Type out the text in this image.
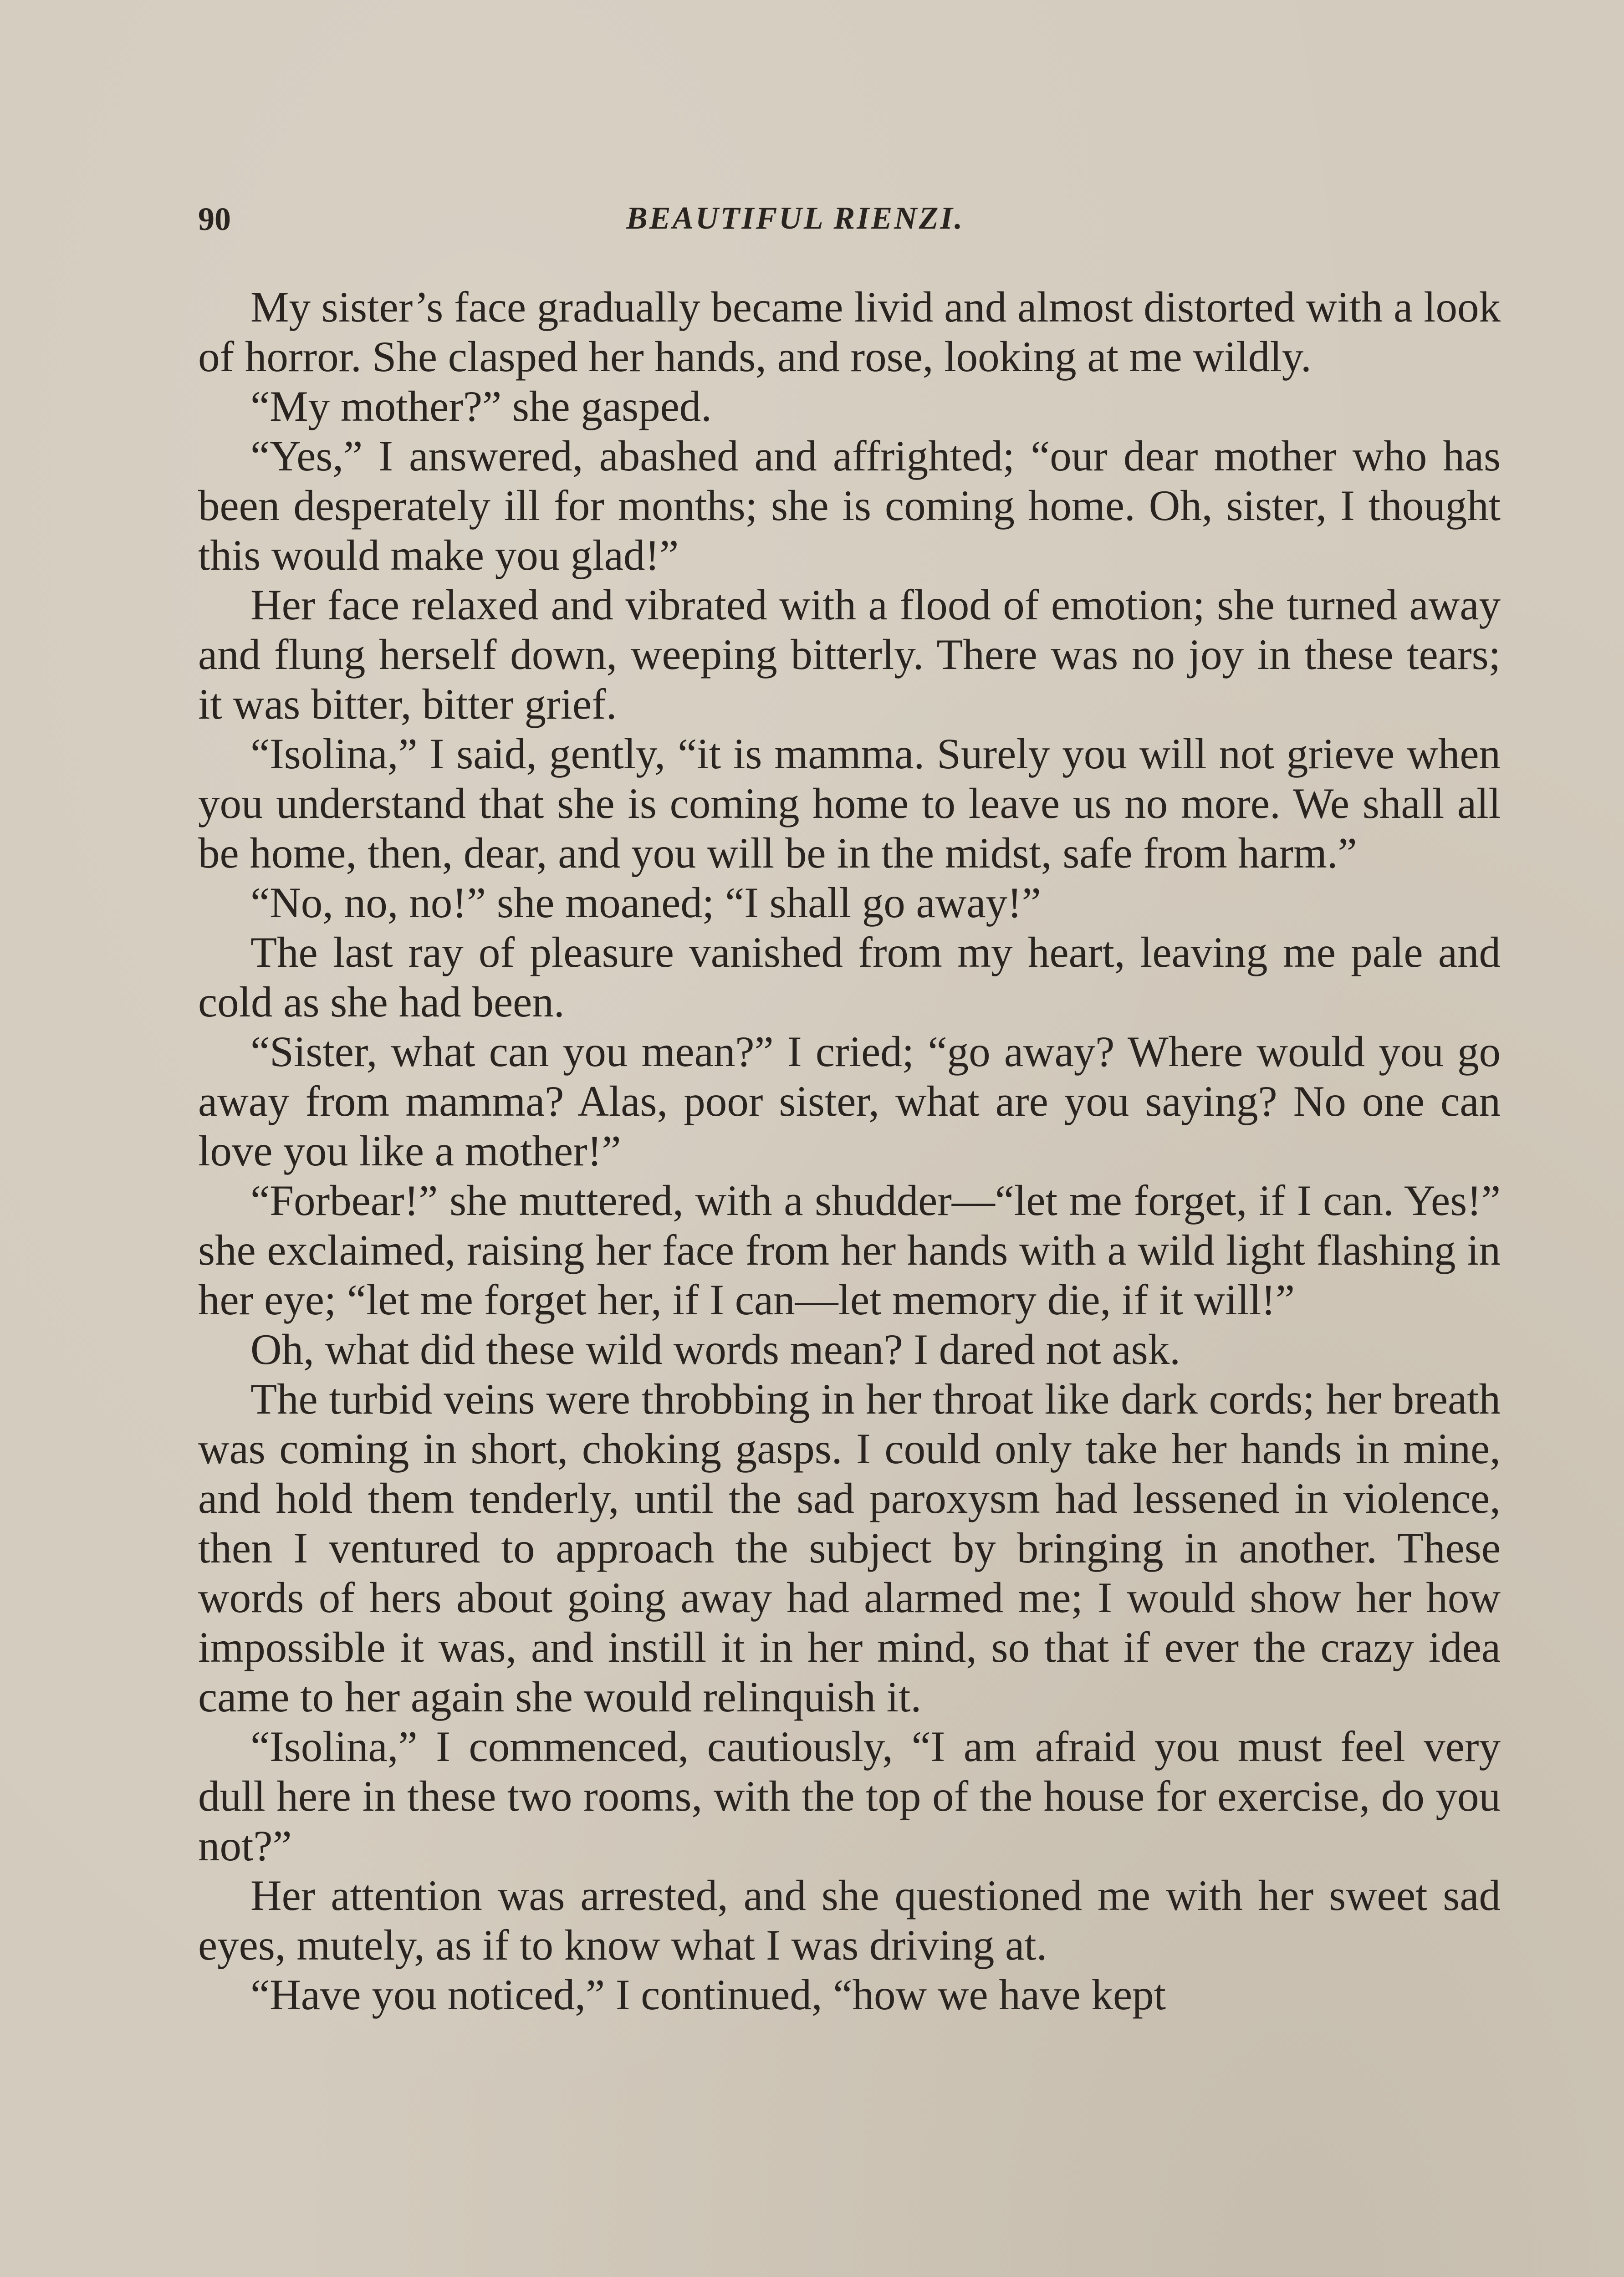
90	BEAUTIFUL RIENZI.

My sister’s face gradually became livid and almost distorted with a look of horror. She clasped her hands, and rose, looking at me wildly.

“My mother?” she gasped.

“Yes,” I answered, abashed and affrighted; “our dear mother who has been desperately ill for months; she is coming home. Oh, sister, I thought this would make you glad!”

Her face relaxed and vibrated with a flood of emotion; she turned away and flung herself down, weeping bitterly. There was no joy in these tears; it was bitter, bitter grief.

“Isolina,” I said, gently, “it is mamma. Surely you will not grieve when you understand that she is coming home to leave us no more. We shall all be home, then, dear, and you will be in the midst, safe from harm.”

“No, no, no!” she moaned; “I shall go away!”

The last ray of pleasure vanished from my heart, leaving me pale and cold as she had been.

“Sister, what can you mean?” I cried; “go away? Where would you go away from mamma? Alas, poor sister, what are you saying? No one can love you like a mother!”

“Forbear!” she muttered, with a shudder—“let me forget, if I can. Yes!” she exclaimed, raising her face from her hands with a wild light flashing in her eye; “let me forget her, if I can—let memory die, if it will!”

Oh, what did these wild words mean? I dared not ask.

The turbid veins were throbbing in her throat like dark cords; her breath was coming in short, choking gasps. I could only take her hands in mine, and hold them tenderly, until the sad paroxysm had lessened in violence, then I ventured to approach the subject by bringing in another. These words of hers about going away had alarmed me; I would show her how impossible it was, and instill it in her mind, so that if ever the crazy idea came to her again she would relinquish it.

“Isolina,” I commenced, cautiously, “I am afraid you must feel very dull here in these two rooms, with the top of the house for exercise, do you not?”

Her attention was arrested, and she questioned me with her sweet sad eyes, mutely, as if to know what I was driving at.

“Have you noticed,” I continued, “how we have kept
